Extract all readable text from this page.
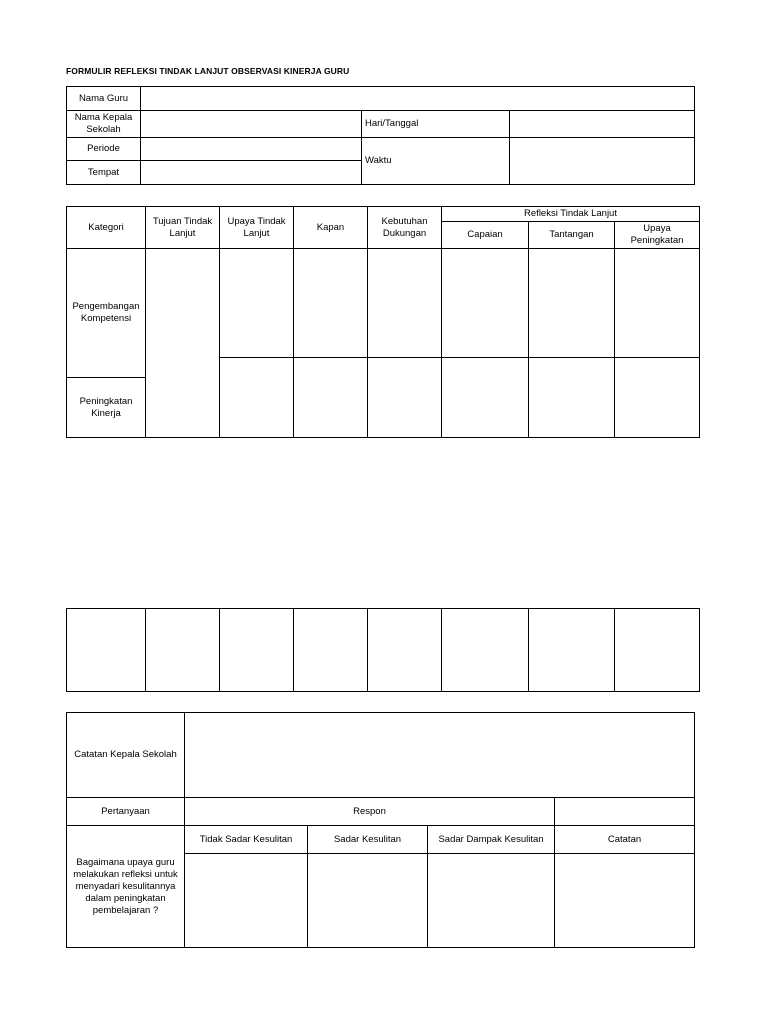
FORMULIR REFLEKSI TINDAK LANJUT OBSERVASI KINERJA GURU
Nama Guru			
Nama Kepala Sekolah		Hari/Tanggal	
Periode		Waktu	
Tempat			
Kategori	Tujuan Tindak Lanjut	Upaya Tindak Lanjut	Kapan	Kebutuhan Dukungan	Refleksi Tindak Lanjut		
					Capaian	Tantangan	Upaya Peningkatan
Pengembangan Kompetensi							

Peningkatan Kinerja							

Catatan Kepala Sekolah				
Pertanyaan	Respon			
Bagaimana upaya guru melakukan refleksi untuk menyadari kesulitannya dalam peningkatan pembelajaran ?	Tidak Sadar Kesulitan	Sadar Kesulitan	Sadar Dampak Kesulitan	Catatan
